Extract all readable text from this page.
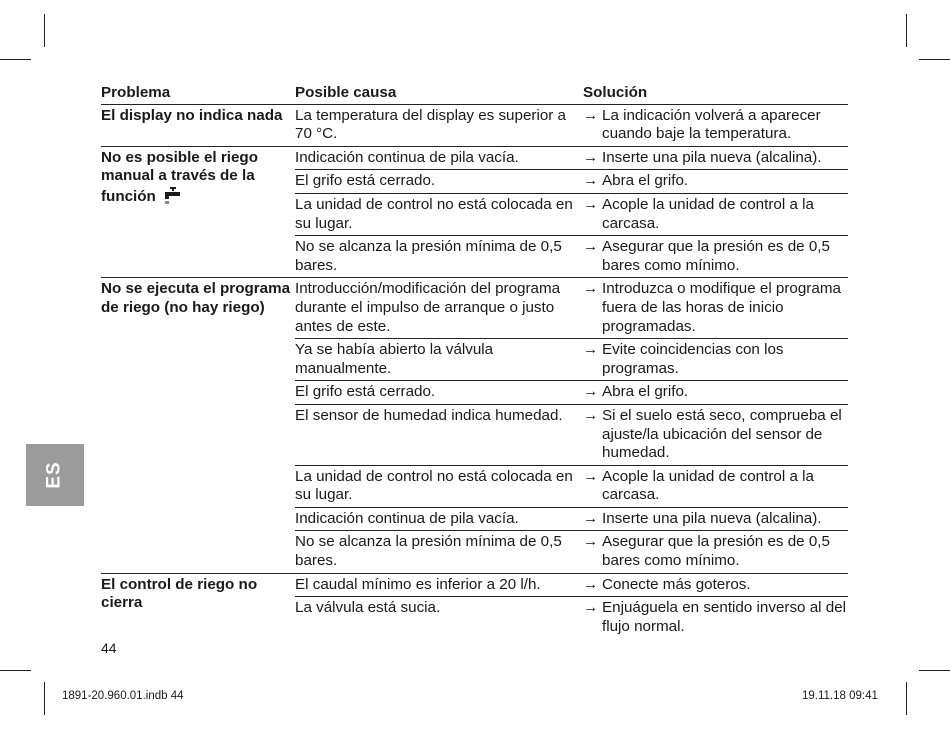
ES
Problema	Posible causa	Solución
El display no indica nada	La temperatura del display es superior a 70 °C.	→ La indicación volverá a aparecer cuando baje la temperatura.

No es posible el riego manual a través de la función	Indicación continua de pila vacía.	→ Inserte una pila nueva (alcalina).

	El grifo está cerrado.	→ Abra el grifo.

	La unidad de control no está colocada en su lugar.	→ Acople la unidad de control a la carcasa.

	No se alcanza la presión mínima de 0,5 bares.	→ Asegurar que la presión es de 0,5 bares como mínimo.

No se ejecuta el programa de riego (no hay riego)	Introducción/modificación del programa durante el impulso de arranque o justo antes de este.	→ Introduzca o modifique el programa fuera de las horas de inicio programadas.

	Ya se había abierto la válvula manualmente.	→ Evite coincidencias con los programas.

	El grifo está cerrado.	→ Abra el grifo.

	El sensor de humedad indica humedad.	→ Si el suelo está seco, comprueba el ajuste/la ubicación del sensor de humedad.

	La unidad de control no está colocada en su lugar.	→ Acople la unidad de control a la carcasa.

	Indicación continua de pila vacía.	→ Inserte una pila nueva (alcalina).

	No se alcanza la presión mínima de 0,5 bares.	→ Asegurar que la presión es de 0,5 bares como mínimo.

El control de riego no cierra	El caudal mínimo es inferior a 20 l/h.	→ Conecte más goteros.

	La válvula está sucia.	→ Enjuáguela en sentido inverso al del flujo normal.
44
1891-20.960.01.indb 44	19.11.18 09:41
